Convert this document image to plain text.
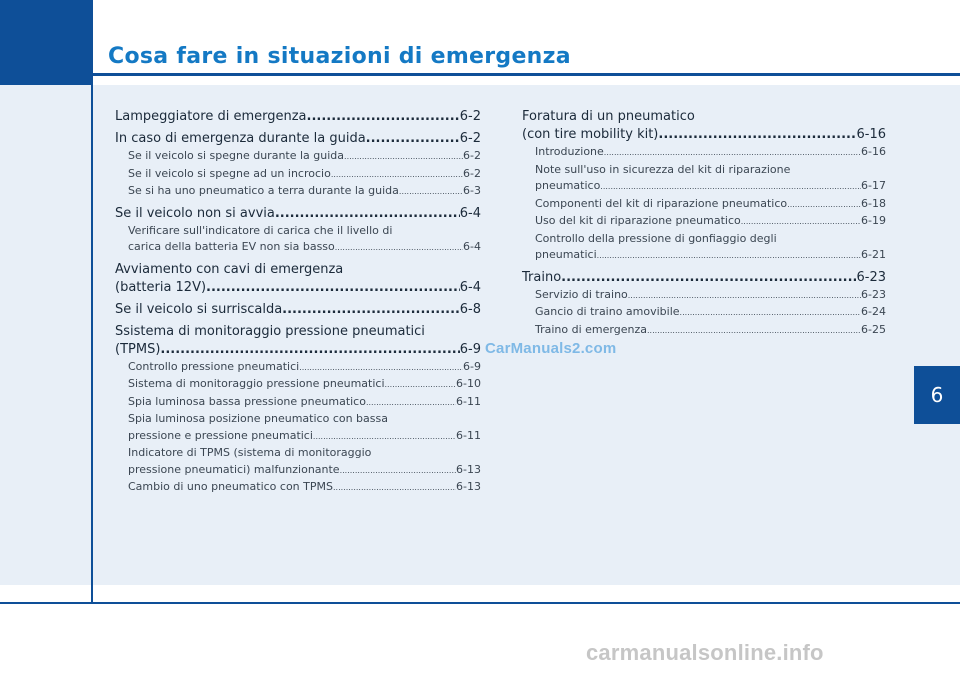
Cosa fare in situazioni di emergenza
6
Lampeggiatore di emergenza .....	6-2
In caso di emergenza durante la guida .....	6-2
Se il veicolo si spegne durante la guida .....	6-2
Se il veicolo si spegne ad un incrocio .....	6-2
Se si ha uno pneumatico a terra durante la guida .....	6-3
Se il veicolo non si avvia .....	6-4
Verificare sull'indicatore di carica che il livello di
carica della batteria EV non sia basso .....	6-4
Avviamento con cavi di emergenza
(batteria 12V) .....	6-4
Se il veicolo si surriscalda .....	6-8
Ssistema di monitoraggio pressione pneumatici
(TPMS) .....	6-9
Controllo pressione pneumatici .....	6-9
Sistema di monitoraggio pressione pneumatici .....	6-10
Spia luminosa bassa pressione pneumatico .....	6-11
Spia luminosa posizione pneumatico con bassa
pressione e pressione pneumatici .....	6-11
Indicatore di TPMS (sistema di monitoraggio
pressione pneumatici) malfunzionante .....	6-13
Cambio di uno pneumatico con TPMS .....	6-13
Foratura di un pneumatico
(con tire mobility kit) .....	6-16
Introduzione .....	6-16
Note sull'uso in sicurezza del kit di riparazione
pneumatico .....	6-17
Componenti del kit di riparazione pneumatico .....	6-18
Uso del kit di riparazione pneumatico .....	6-19
Controllo della pressione di gonfiaggio degli
pneumatici .....	6-21
Traino .....	6-23
Servizio di traino .....	6-23
Gancio di traino amovibile .....	6-24
Traino di emergenza .....	6-25
CarManuals2.com
carmanualsonline.info
